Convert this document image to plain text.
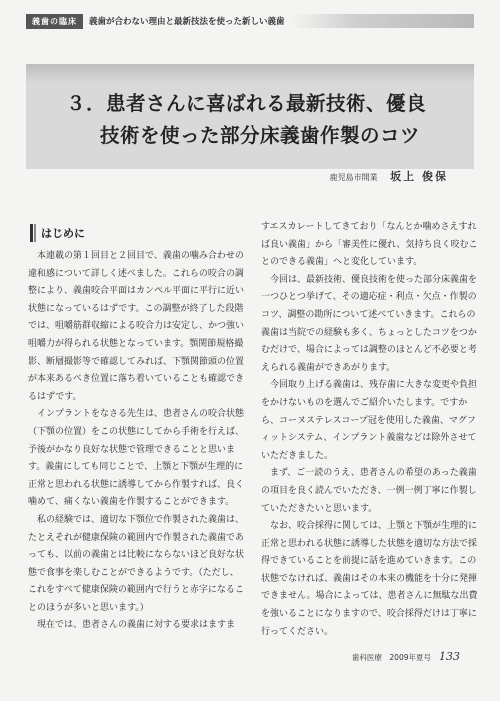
義歯の臨床	義歯が合わない理由と最新技法を使った新しい義歯
３．患者さんに喜ばれる最新技術、優良
技術を使った部分床義歯作製のコツ
鹿児島市開業 坂上 俊保
はじめに

本連載の第１回目と２回目で、義歯の噛み合わせの違和感について詳しく述べました。これらの咬合の調整により、義歯咬合平面はカンペル平面に平行に近い状態になっているはずです。この調整が終了した段階では、咀嚼筋群収縮による咬合力は安定し、かつ強い咀嚼力が得られる状態となっています。顎関節規格撮影、断層撮影等で確認してみれば、下顎関節頭の位置が本来あるべき位置に落ち着いていることも確認できるはずです。

インプラントをなさる先生は、患者さんの咬合状態（下顎の位置）をこの状態にしてから手術を行えば、予後がかなり良好な状態で管理できることと思います。義歯にしても同じことで、上顎と下顎が生理的に正常と思われる状態に誘導してから作製すれば、良く噛めて、痛くない義歯を作製することができます。

私の経験では、適切な下顎位で作製された義歯は、たとえそれが健康保険の範囲内で作製された義歯であっても、以前の義歯とは比較にならないほど良好な状態で食事を楽しむことができるようです。（ただし、これをすべて健康保険の範囲内で行うと赤字になることのほうが多いと思います。）

現在では、患者さんの義歯に対する要求はますま

すエスカレートしてきており「なんとか噛めさえすれば良い義歯」から「審美性に優れ、気持ち良く咬むことのできる義歯」へと変化しています。

今回は、最新技術、優良技術を使った部分床義歯を一つひとつ挙げて、その適応症・利点・欠点・作製のコツ、調整の勘所について述べていきます。これらの義歯は当院での経験も多く、ちょっとしたコツをつかむだけで、場合によっては調整のほとんど不必要と考えられる義歯ができあがります。

今回取り上げる義歯は、残存歯に大きな変更や負担をかけないものを選んでご紹介いたします。ですから、コーヌステレスコープ冠を使用した義歯、マグフィットシステム、インプラント義歯などは除外させていただきました。

まず、ご一読のうえ、患者さんの希望のあった義歯の項目を良く読んでいただき、一例一例丁寧に作製していただきたいと思います。

なお、咬合採得に関しては、上顎と下顎が生理的に正常と思われる状態に誘導した状態を適切な方法で採得できていることを前提に話を進めていきます。この状態でなければ、義歯はその本来の機能を十分に発揮できません。場合によっては、患者さんに無駄な出費を強いることになりますので、咬合採得だけは丁寧に行ってください。

歯科医療　2009年夏号 133
